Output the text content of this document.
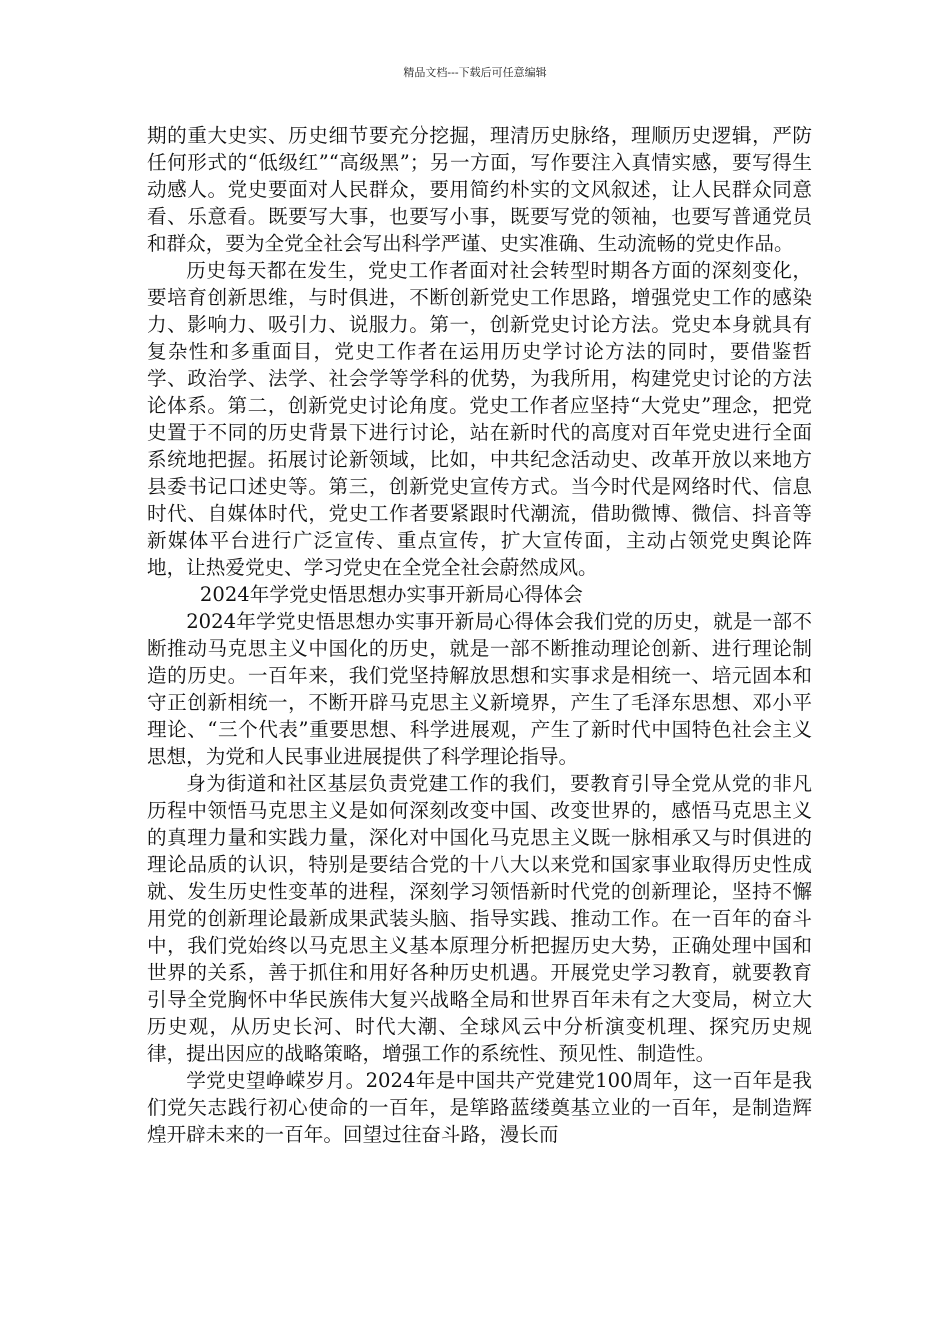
精品文档---下载后可任意编辑

期的重大史实、历史细节要充分挖掘，理清历史脉络，理顺历史逻辑，严防任何形式的“低级红”“高级黑”；另一方面，写作要注入真情实感，要写得生动感人。党史要面对人民群众，要用简约朴实的文风叙述，让人民群众同意看、乐意看。既要写大事，也要写小事，既要写党的领袖，也要写普通党员和群众，要为全党全社会写出科学严谨、史实准确、生动流畅的党史作品。

历史每天都在发生，党史工作者面对社会转型时期各方面的深刻变化，要培育创新思维，与时俱进，不断创新党史工作思路，增强党史工作的感染力、影响力、吸引力、说服力。第一，创新党史讨论方法。党史本身就具有复杂性和多重面目，党史工作者在运用历史学讨论方法的同时，要借鉴哲学、政治学、法学、社会学等学科的优势，为我所用，构建党史讨论的方法论体系。第二，创新党史讨论角度。党史工作者应坚持“大党史”理念，把党史置于不同的历史背景下进行讨论，站在新时代的高度对百年党史进行全面系统地把握。拓展讨论新领域，比如，中共纪念活动史、改革开放以来地方县委书记口述史等。第三，创新党史宣传方式。当今时代是网络时代、信息时代、自媒体时代，党史工作者要紧跟时代潮流，借助微博、微信、抖音等新媒体平台进行广泛宣传、重点宣传，扩大宣传面，主动占领党史舆论阵地，让热爱党史、学习党史在全党全社会蔚然成风。

2024年学党史悟思想办实事开新局心得体会

2024年学党史悟思想办实事开新局心得体会我们党的历史，就是一部不断推动马克思主义中国化的历史，就是一部不断推动理论创新、进行理论制造的历史。一百年来，我们党坚持解放思想和实事求是相统一、培元固本和守正创新相统一，不断开辟马克思主义新境界，产生了毛泽东思想、邓小平理论、“三个代表”重要思想、科学进展观，产生了新时代中国特色社会主义思想，为党和人民事业进展提供了科学理论指导。

身为街道和社区基层负责党建工作的我们，要教育引导全党从党的非凡历程中领悟马克思主义是如何深刻改变中国、改变世界的，感悟马克思主义的真理力量和实践力量，深化对中国化马克思主义既一脉相承又与时俱进的理论品质的认识，特别是要结合党的十八大以来党和国家事业取得历史性成就、发生历史性变革的进程，深刻学习领悟新时代党的创新理论，坚持不懈用党的创新理论最新成果武装头脑、指导实践、推动工作。在一百年的奋斗中，我们党始终以马克思主义基本原理分析把握历史大势，正确处理中国和世界的关系，善于抓住和用好各种历史机遇。开展党史学习教育，就要教育引导全党胸怀中华民族伟大复兴战略全局和世界百年未有之大变局，树立大历史观，从历史长河、时代大潮、全球风云中分析演变机理、探究历史规律，提出因应的战略策略，增强工作的系统性、预见性、制造性。

学党史望峥嵘岁月。2024年是中国共产党建党100周年，这一百年是我们党矢志践行初心使命的一百年，是筚路蓝缕奠基立业的一百年，是制造辉煌开辟未来的一百年。回望过往奋斗路，漫长而
